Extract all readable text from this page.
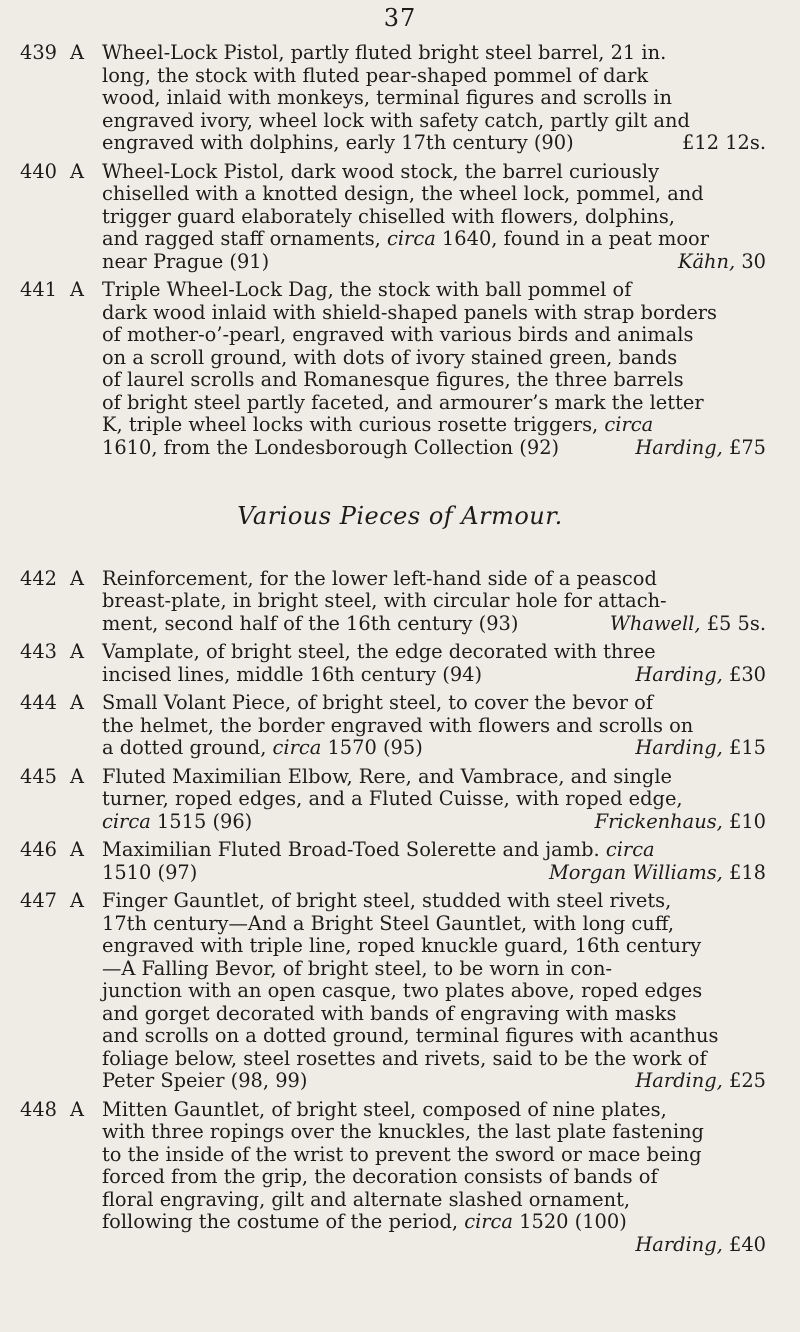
37
439 A Wheel-Lock Pistol, partly fluted bright steel barrel, 21 in.
long, the stock with fluted pear-shaped pommel of dark
wood, inlaid with monkeys, terminal figures and scrolls in
engraved ivory, wheel lock with safety catch, partly gilt and
engraved with dolphins, early 17th century (90)	£12 12s.
440 A Wheel-Lock Pistol, dark wood stock, the barrel curiously
chiselled with a knotted design, the wheel lock, pommel, and
trigger guard elaborately chiselled with flowers, dolphins,
and ragged staff ornaments, circa 1640, found in a peat moor
near Prague (91)	Kähn, 30
441 A Triple Wheel-Lock Dag, the stock with ball pommel of
dark wood inlaid with shield-shaped panels with strap borders
of mother-o’-pearl, engraved with various birds and animals
on a scroll ground, with dots of ivory stained green, bands
of laurel scrolls and Romanesque figures, the three barrels
of bright steel partly faceted, and armourer’s mark the letter
K, triple wheel locks with curious rosette triggers, circa
1610, from the Londesborough Collection (92)	Harding, £75
Various Pieces of Armour.
442 A Reinforcement, for the lower left-hand side of a peascod
breast-plate, in bright steel, with circular hole for attach-
ment, second half of the 16th century (93)	Whawell, £5 5s.
443 A Vamplate, of bright steel, the edge decorated with three
incised lines, middle 16th century (94)	Harding, £30
444 A Small Volant Piece, of bright steel, to cover the bevor of
the helmet, the border engraved with flowers and scrolls on
a dotted ground, circa 1570 (95)	Harding, £15
445 A Fluted Maximilian Elbow, Rere, and Vambrace, and single
turner, roped edges, and a Fluted Cuisse, with roped edge,
circa 1515 (96)	Frickenhaus, £10
446 A Maximilian Fluted Broad-Toed Solerette and jamb. circa
1510 (97)	Morgan Williams, £18
447 A Finger Gauntlet, of bright steel, studded with steel rivets,
17th century—And a Bright Steel Gauntlet, with long cuff,
engraved with triple line, roped knuckle guard, 16th century
—A Falling Bevor, of bright steel, to be worn in con-
junction with an open casque, two plates above, roped edges
and gorget decorated with bands of engraving with masks
and scrolls on a dotted ground, terminal figures with acanthus
foliage below, steel rosettes and rivets, said to be the work of
Peter Speier (98, 99)	Harding, £25
448 A Mitten Gauntlet, of bright steel, composed of nine plates,
with three ropings over the knuckles, the last plate fastening
to the inside of the wrist to prevent the sword or mace being
forced from the grip, the decoration consists of bands of
floral engraving, gilt and alternate slashed ornament,
following the costume of the period, circa 1520 (100)

Harding, £40
